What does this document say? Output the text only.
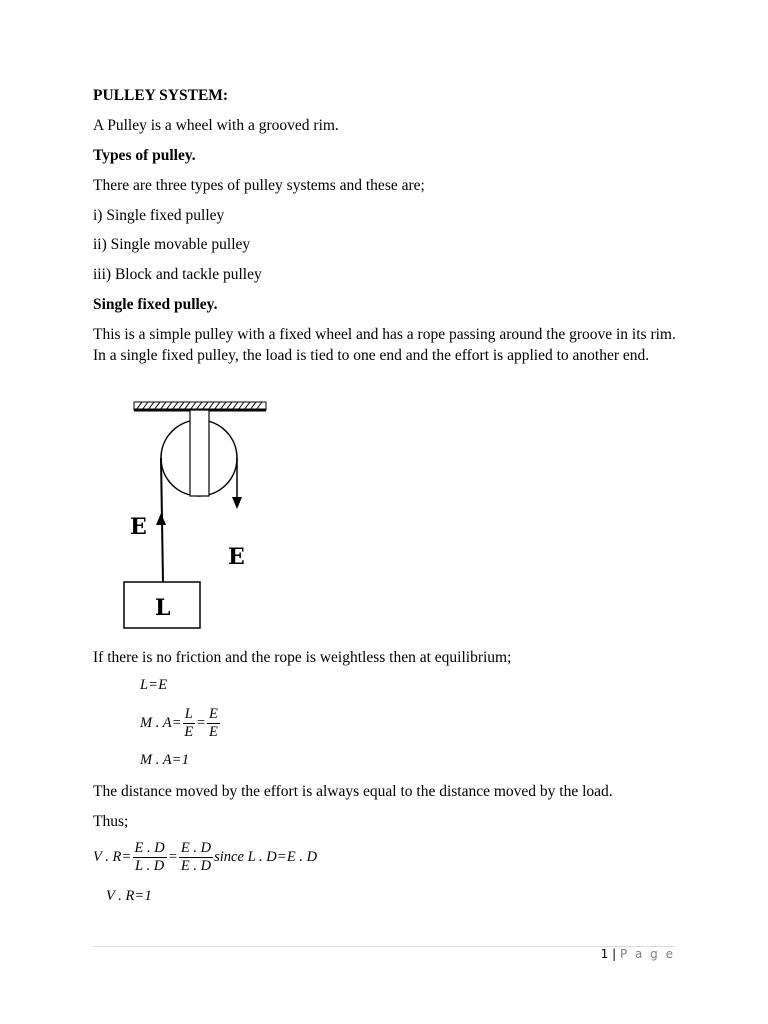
PULLEY SYSTEM:
A Pulley is a wheel with a grooved rim.
Types of pulley.
There are three types of pulley systems and these are;
i) Single fixed pulley
ii) Single movable pulley
iii) Block and tackle pulley
Single fixed pulley.
This is a simple pulley with a fixed wheel and has a rope passing around the groove in its rim. In a single fixed pulley, the load is tied to one end and the effort is applied to another end.
E
E
L
If there is no friction and the rope is weightless then at equilibrium;
L=E
M . $A= \frac{L}{E} = \frac{E}{E}$
M . A=1
The distance moved by the effort is always equal to the distance moved by the load.
Thus;
V . $R= \frac{E . D}{L . D} = \frac{E . D}{E . D}$ since L . D=E . D
V . R=1
1 | P a g e
